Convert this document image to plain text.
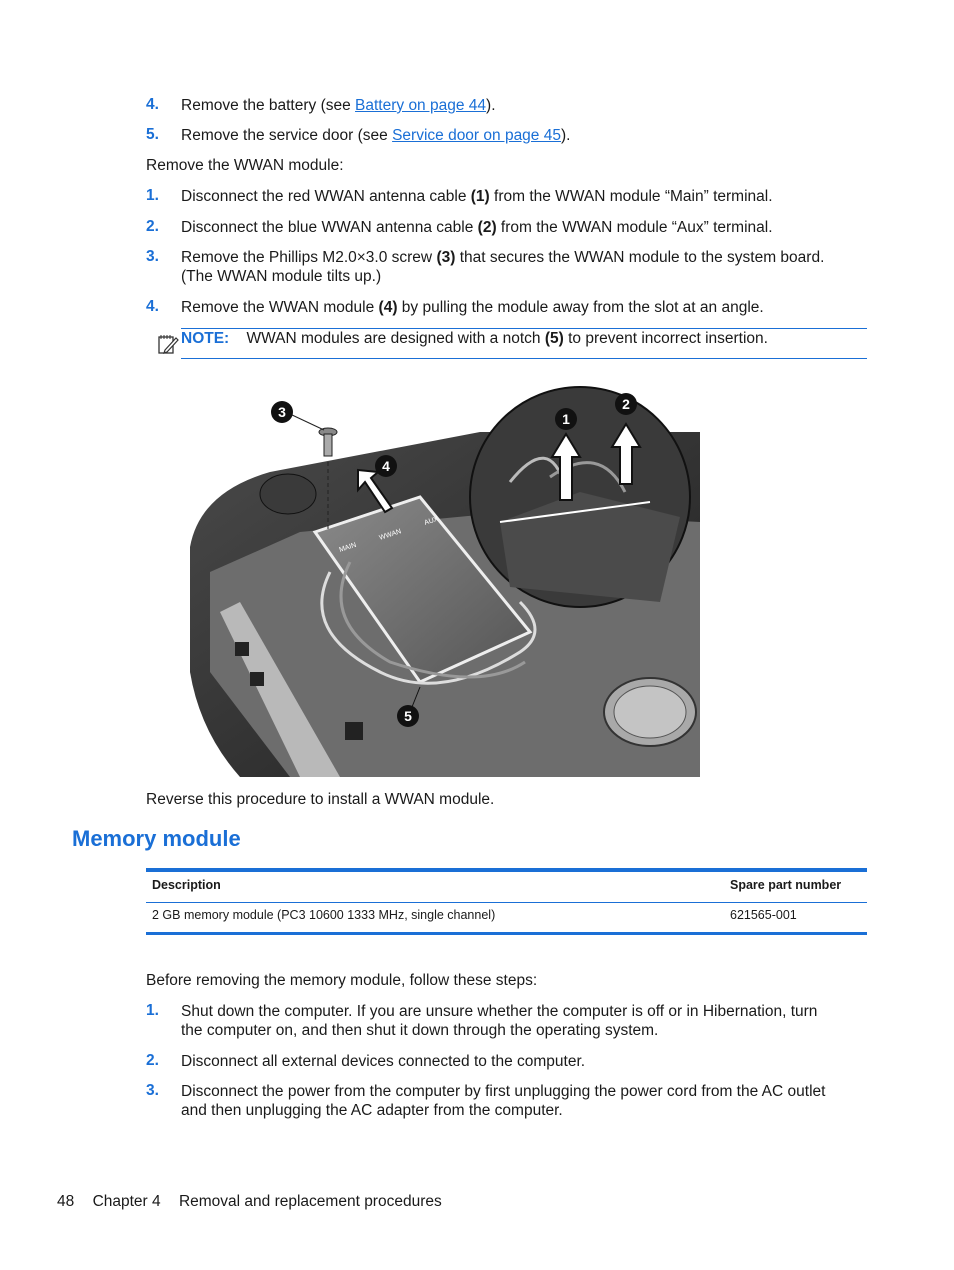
4. Remove the battery (see Battery on page 44).
5. Remove the service door (see Service door on page 45).
Remove the WWAN module:
1. Disconnect the red WWAN antenna cable (1) from the WWAN module “Main” terminal.
2. Disconnect the blue WWAN antenna cable (2) from the WWAN module “Aux” terminal.
3. Remove the Phillips M2.0×3.0 screw (3) that secures the WWAN module to the system board.
(The WWAN module tilts up.)
4. Remove the WWAN module (4) by pulling the module away from the slot at an angle.
NOTE: WWAN modules are designed with a notch (5) to prevent incorrect insertion.
MAIN
WWAN
AUX
3
4
1
2
5
Reverse this procedure to install a WWAN module.
Memory module
Description	Spare part number
2 GB memory module (PC3 10600 1333 MHz, single channel)	621565-001
Before removing the memory module, follow these steps:
1. Shut down the computer. If you are unsure whether the computer is off or in Hibernation, turn
the computer on, and then shut it down through the operating system.
2. Disconnect all external devices connected to the computer.
3. Disconnect the power from the computer by first unplugging the power cord from the AC outlet
and then unplugging the AC adapter from the computer.
48 Chapter 4 Removal and replacement procedures
